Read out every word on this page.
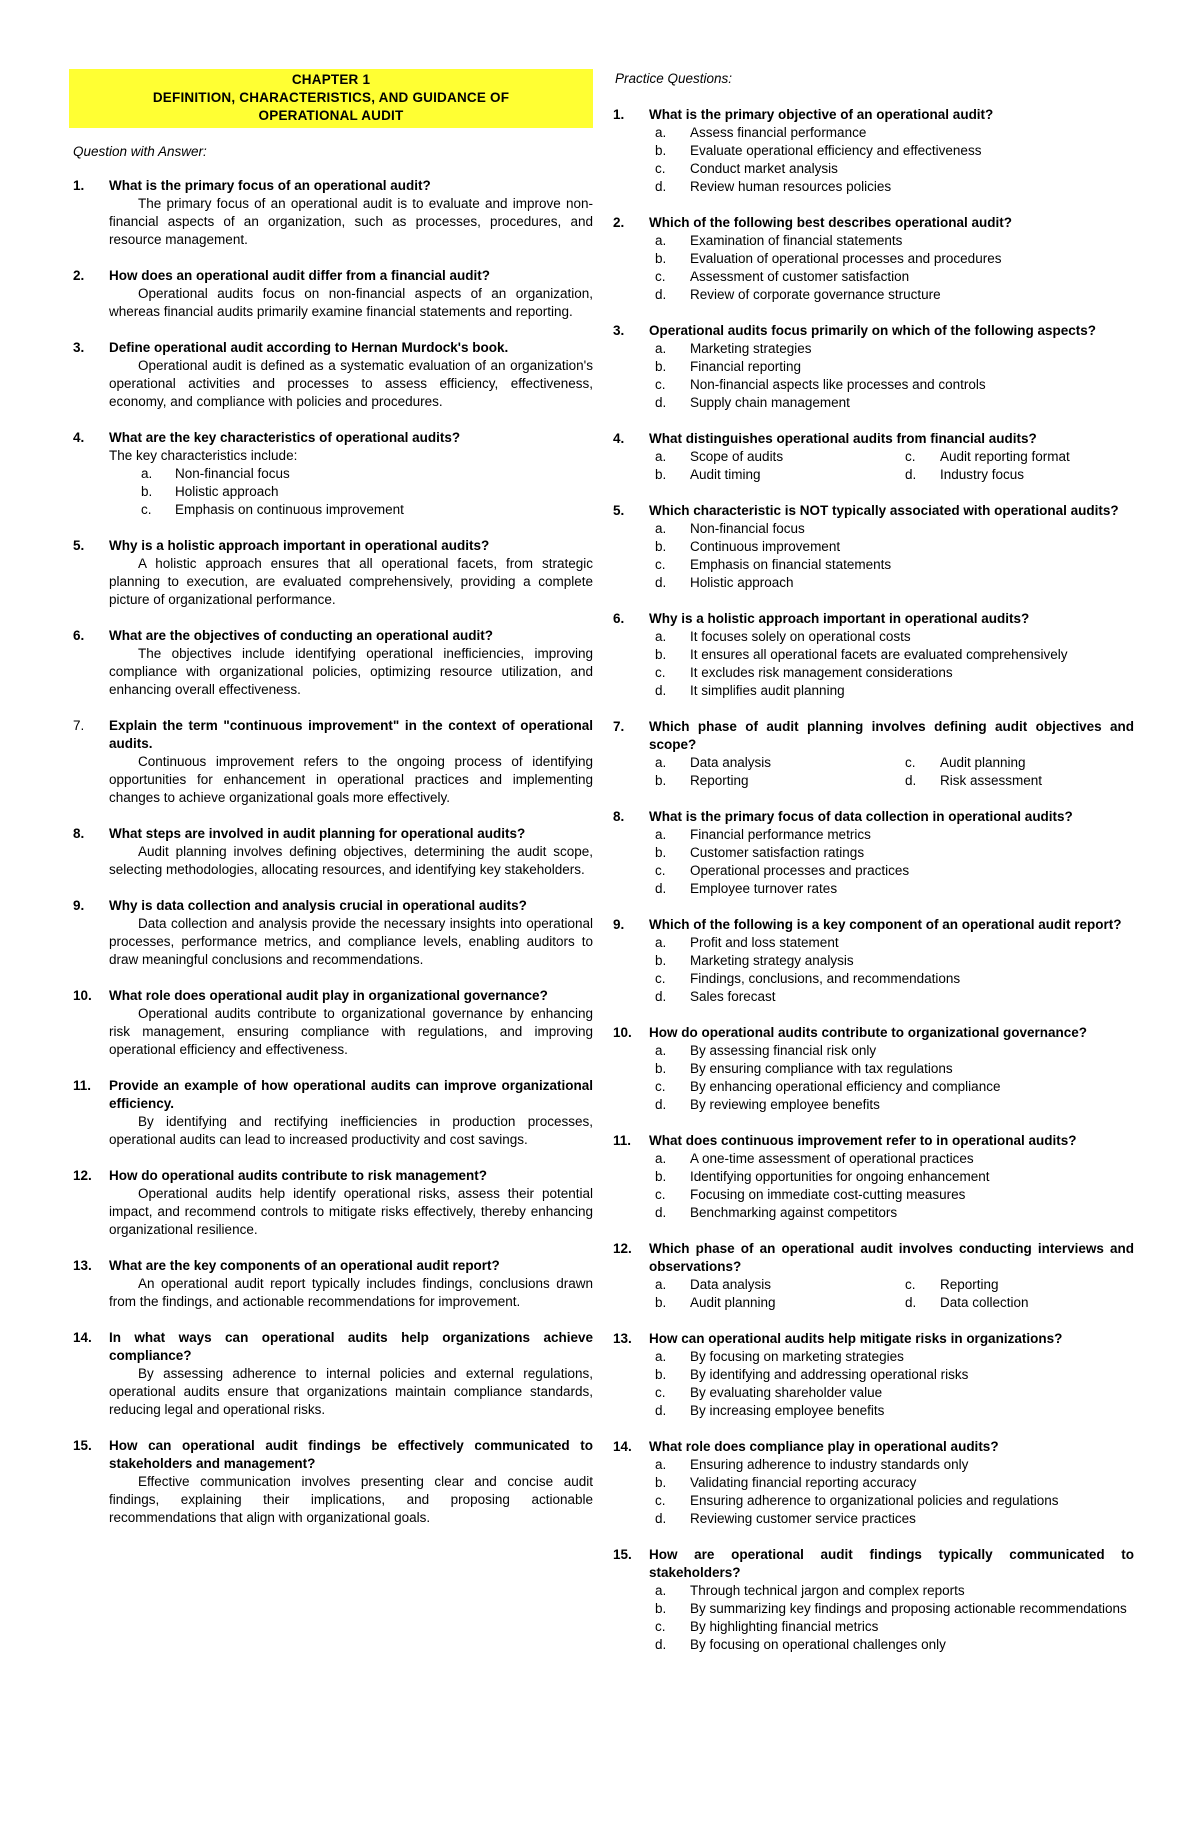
CHAPTER 1
DEFINITION, CHARACTERISTICS, AND GUIDANCE OF
OPERATIONAL AUDIT
Question with Answer:
1.	What is the primary focus of an operational audit?
The primary focus of an operational audit is to evaluate and improve non-financial aspects of an organization, such as processes, procedures, and resource management.
2.	How does an operational audit differ from a financial audit?
Operational audits focus on non-financial aspects of an organization, whereas financial audits primarily examine financial statements and reporting.
3.	Define operational audit according to Hernan Murdock's book.
Operational audit is defined as a systematic evaluation of an organization's operational activities and processes to assess efficiency, effectiveness, economy, and compliance with policies and procedures.
4.	What are the key characteristics of operational audits?
The key characteristics include:
a.	Non-financial focus
b.	Holistic approach
c.	Emphasis on continuous improvement
5.	Why is a holistic approach important in operational audits?
A holistic approach ensures that all operational facets, from strategic planning to execution, are evaluated comprehensively, providing a complete picture of organizational performance.
6.	What are the objectives of conducting an operational audit?
The objectives include identifying operational inefficiencies, improving compliance with organizational policies, optimizing resource utilization, and enhancing overall effectiveness.
7.	Explain the term "continuous improvement" in the context of operational audits.
Continuous improvement refers to the ongoing process of identifying opportunities for enhancement in operational practices and implementing changes to achieve organizational goals more effectively.
8.	What steps are involved in audit planning for operational audits?
Audit planning involves defining objectives, determining the audit scope, selecting methodologies, allocating resources, and identifying key stakeholders.
9.	Why is data collection and analysis crucial in operational audits?
Data collection and analysis provide the necessary insights into operational processes, performance metrics, and compliance levels, enabling auditors to draw meaningful conclusions and recommendations.
10.	What role does operational audit play in organizational governance?
Operational audits contribute to organizational governance by enhancing risk management, ensuring compliance with regulations, and improving operational efficiency and effectiveness.
11.	Provide an example of how operational audits can improve organizational efficiency.
By identifying and rectifying inefficiencies in production processes, operational audits can lead to increased productivity and cost savings.
12.	How do operational audits contribute to risk management?
Operational audits help identify operational risks, assess their potential impact, and recommend controls to mitigate risks effectively, thereby enhancing organizational resilience.
13.	What are the key components of an operational audit report?
An operational audit report typically includes findings, conclusions drawn from the findings, and actionable recommendations for improvement.
14.	In what ways can operational audits help organizations achieve compliance?
By assessing adherence to internal policies and external regulations, operational audits ensure that organizations maintain compliance standards, reducing legal and operational risks.
15.	How can operational audit findings be effectively communicated to stakeholders and management?
Effective communication involves presenting clear and concise audit findings, explaining their implications, and proposing actionable recommendations that align with organizational goals.
Practice Questions:
1.	What is the primary objective of an operational audit?
a.	Assess financial performance
b.	Evaluate operational efficiency and effectiveness
c.	Conduct market analysis
d.	Review human resources policies
2.	Which of the following best describes operational audit?
a.	Examination of financial statements
b.	Evaluation of operational processes and procedures
c.	Assessment of customer satisfaction
d.	Review of corporate governance structure
3.	Operational audits focus primarily on which of the following aspects?
a.	Marketing strategies
b.	Financial reporting
c.	Non-financial aspects like processes and controls
d.	Supply chain management
4.	What distinguishes operational audits from financial audits?
a. Scope of audits	c. Audit reporting format
b. Audit timing	d. Industry focus
5.	Which characteristic is NOT typically associated with operational audits?
a.	Non-financial focus
b.	Continuous improvement
c.	Emphasis on financial statements
d.	Holistic approach
6.	Why is a holistic approach important in operational audits?
a.	It focuses solely on operational costs
b.	It ensures all operational facets are evaluated comprehensively
c.	It excludes risk management considerations
d.	It simplifies audit planning
7.	Which phase of audit planning involves defining audit objectives and scope?
a. Data analysis	c. Audit planning
b. Reporting	d. Risk assessment
8.	What is the primary focus of data collection in operational audits?
a.	Financial performance metrics
b.	Customer satisfaction ratings
c.	Operational processes and practices
d.	Employee turnover rates
9.	Which of the following is a key component of an operational audit report?
a.	Profit and loss statement
b.	Marketing strategy analysis
c.	Findings, conclusions, and recommendations
d.	Sales forecast
10.	How do operational audits contribute to organizational governance?
a.	By assessing financial risk only
b.	By ensuring compliance with tax regulations
c.	By enhancing operational efficiency and compliance
d.	By reviewing employee benefits
11.	What does continuous improvement refer to in operational audits?
a.	A one-time assessment of operational practices
b.	Identifying opportunities for ongoing enhancement
c.	Focusing on immediate cost-cutting measures
d.	Benchmarking against competitors
12.	Which phase of an operational audit involves conducting interviews and observations?
a. Data analysis	c. Reporting
b. Audit planning	d. Data collection
13.	How can operational audits help mitigate risks in organizations?
a.	By focusing on marketing strategies
b.	By identifying and addressing operational risks
c.	By evaluating shareholder value
d.	By increasing employee benefits
14.	What role does compliance play in operational audits?
a.	Ensuring adherence to industry standards only
b.	Validating financial reporting accuracy
c.	Ensuring adherence to organizational policies and regulations
d.	Reviewing customer service practices
15.	How are operational audit findings typically communicated to stakeholders?
a.	Through technical jargon and complex reports
b.	By summarizing key findings and proposing actionable recommendations
c.	By highlighting financial metrics
d.	By focusing on operational challenges only
